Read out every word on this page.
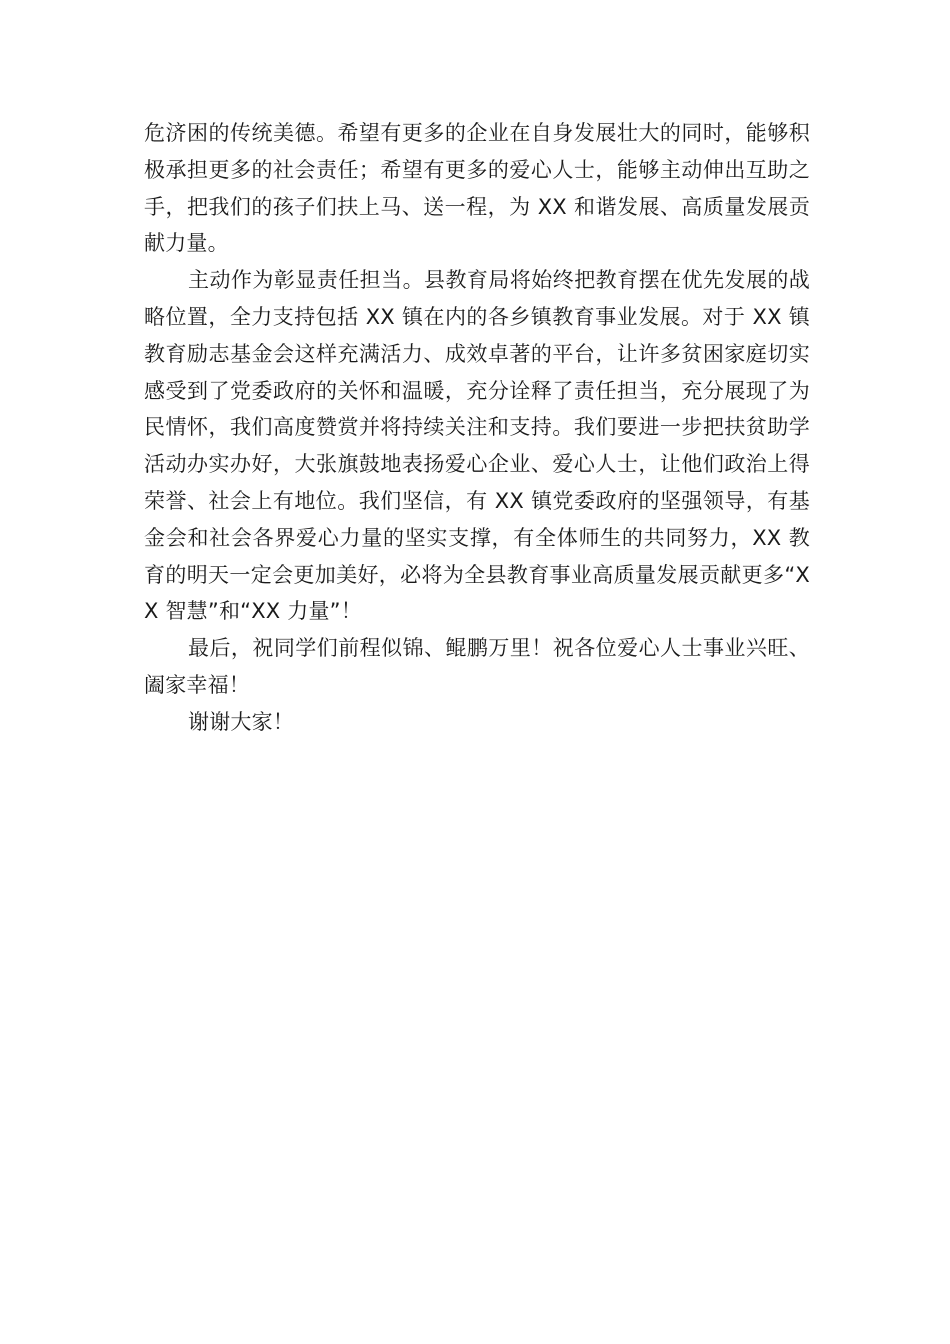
危济困的传统美德。希望有更多的企业在自身发展壮大的同时，能够积极承担更多的社会责任；希望有更多的爱心人士，能够主动伸出互助之手，把我们的孩子们扶上马、送一程，为 XX 和谐发展、高质量发展贡献力量。

主动作为彰显责任担当。县教育局将始终把教育摆在优先发展的战略位置，全力支持包括 XX 镇在内的各乡镇教育事业发展。对于 XX 镇教育励志基金会这样充满活力、成效卓著的平台，让许多贫困家庭切实感受到了党委政府的关怀和温暖，充分诠释了责任担当，充分展现了为民情怀，我们高度赞赏并将持续关注和支持。我们要进一步把扶贫助学活动办实办好，大张旗鼓地表扬爱心企业、爱心人士，让他们政治上得荣誉、社会上有地位。我们坚信，有 XX 镇党委政府的坚强领导，有基金会和社会各界爱心力量的坚实支撑，有全体师生的共同努力，XX 教育的明天一定会更加美好，必将为全县教育事业高质量发展贡献更多“XX 智慧”和“XX 力量”！

最后，祝同学们前程似锦、鲲鹏万里！祝各位爱心人士事业兴旺、阖家幸福！

谢谢大家！
